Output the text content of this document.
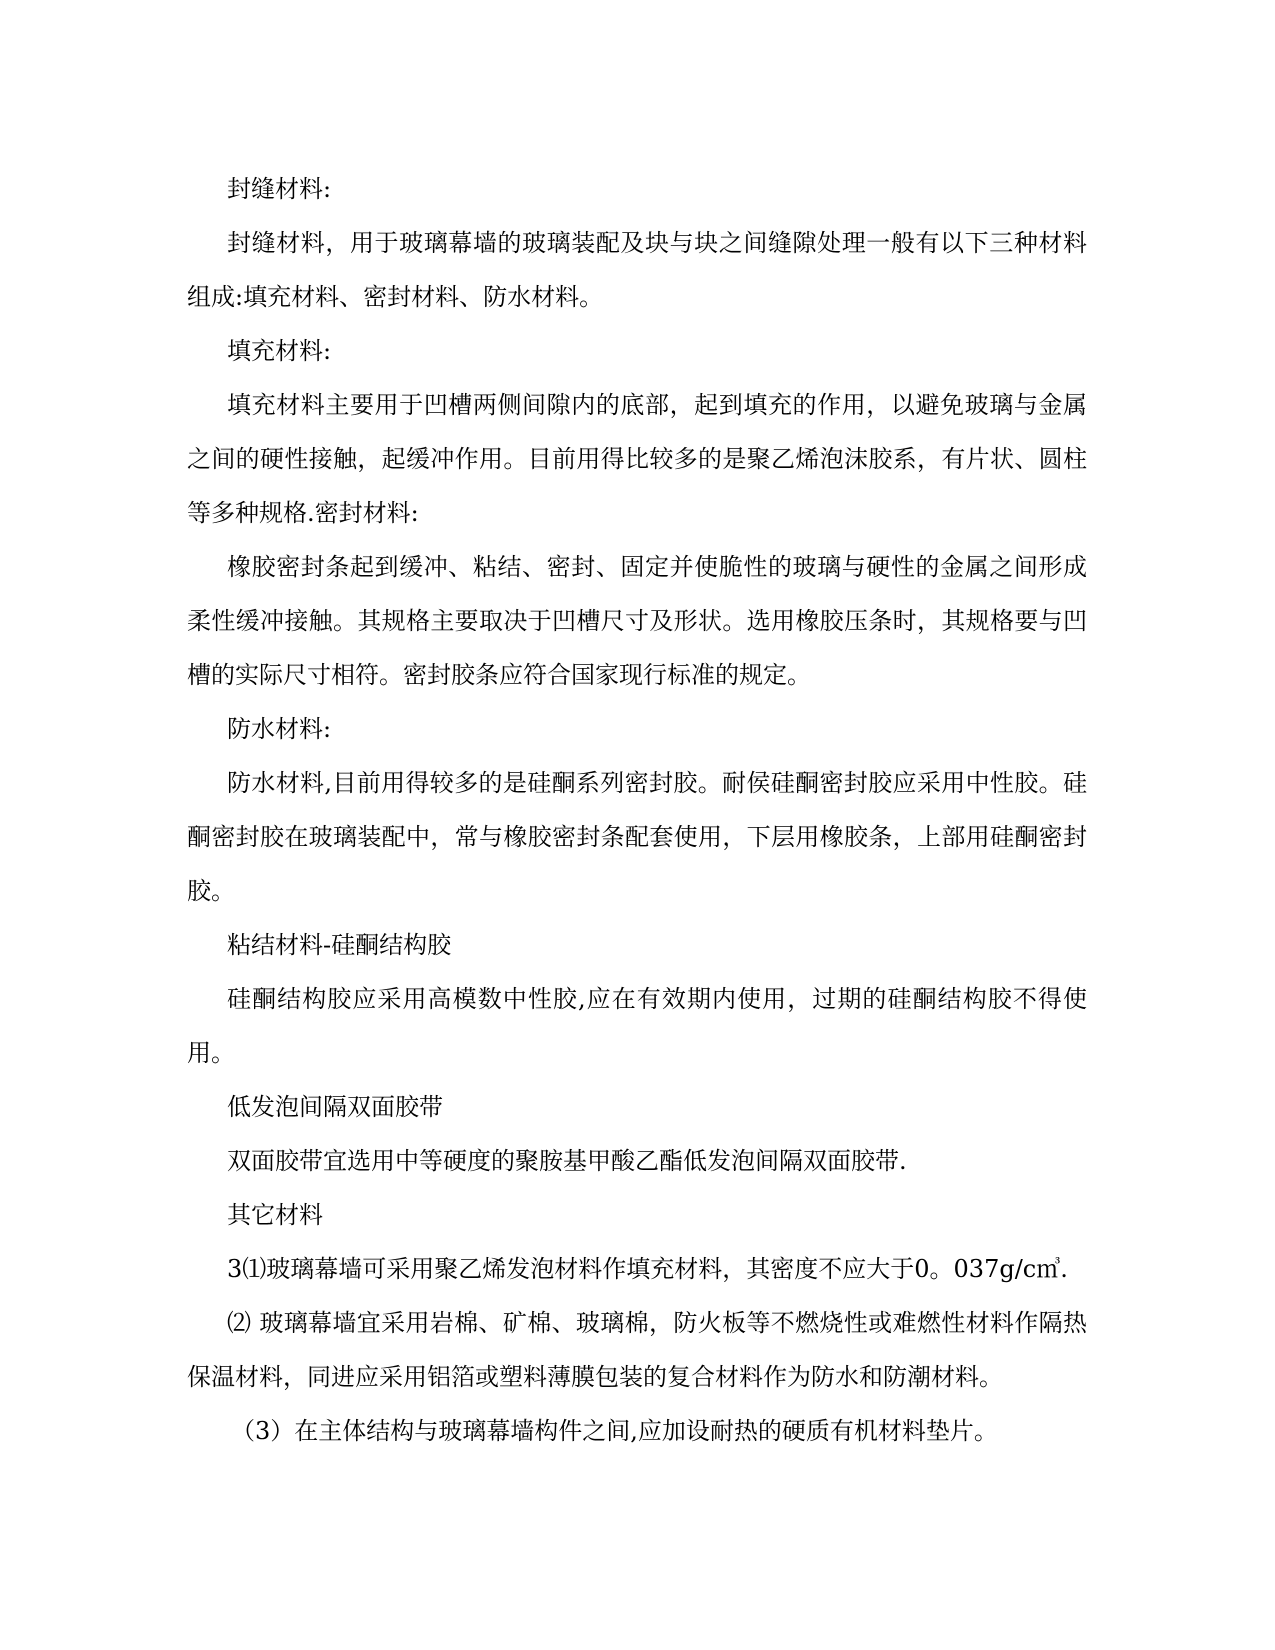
封缝材料:

封缝材料，用于玻璃幕墙的玻璃装配及块与块之间缝隙处理一般有以下三种材料组成:填充材料、密封材料、防水材料。

填充材料:

填充材料主要用于凹槽两侧间隙内的底部，起到填充的作用，以避免玻璃与金属之间的硬性接触，起缓冲作用。目前用得比较多的是聚乙烯泡沫胶系，有片状、圆柱等多种规格.密封材料:

橡胶密封条起到缓冲、粘结、密封、固定并使脆性的玻璃与硬性的金属之间形成柔性缓冲接触。其规格主要取决于凹槽尺寸及形状。选用橡胶压条时，其规格要与凹槽的实际尺寸相符。密封胶条应符合国家现行标准的规定。

防水材料:

防水材料,目前用得较多的是硅酮系列密封胶。耐侯硅酮密封胶应采用中性胶。硅酮密封胶在玻璃装配中，常与橡胶密封条配套使用，下层用橡胶条，上部用硅酮密封胶。

粘结材料-硅酮结构胶

硅酮结构胶应采用高模数中性胶,应在有效期内使用，过期的硅酮结构胶不得使用。

低发泡间隔双面胶带

双面胶带宜选用中等硬度的聚胺基甲酸乙酯低发泡间隔双面胶带.

其它材料

3⑴玻璃幕墙可采用聚乙烯发泡材料作填充材料，其密度不应大于0。037g/c㎥.

⑵ 玻璃幕墙宜采用岩棉、矿棉、玻璃棉，防火板等不燃烧性或难燃性材料作隔热保温材料，同进应采用铝箔或塑料薄膜包装的复合材料作为防水和防潮材料。

（3）在主体结构与玻璃幕墙构件之间,应加设耐热的硬质有机材料垫片。
